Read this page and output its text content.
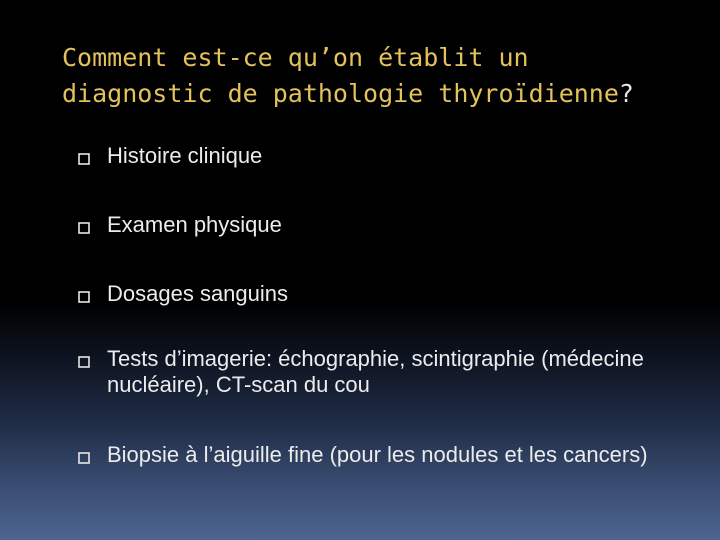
Comment est-ce qu’on établit un
diagnostic de pathologie thyroïdienne?
Histoire clinique
Examen physique
Dosages sanguins
Tests d’imagerie: échographie, scintigraphie (médecine nucléaire), CT-scan du cou
Biopsie à l’aiguille fine (pour les nodules et les cancers)
